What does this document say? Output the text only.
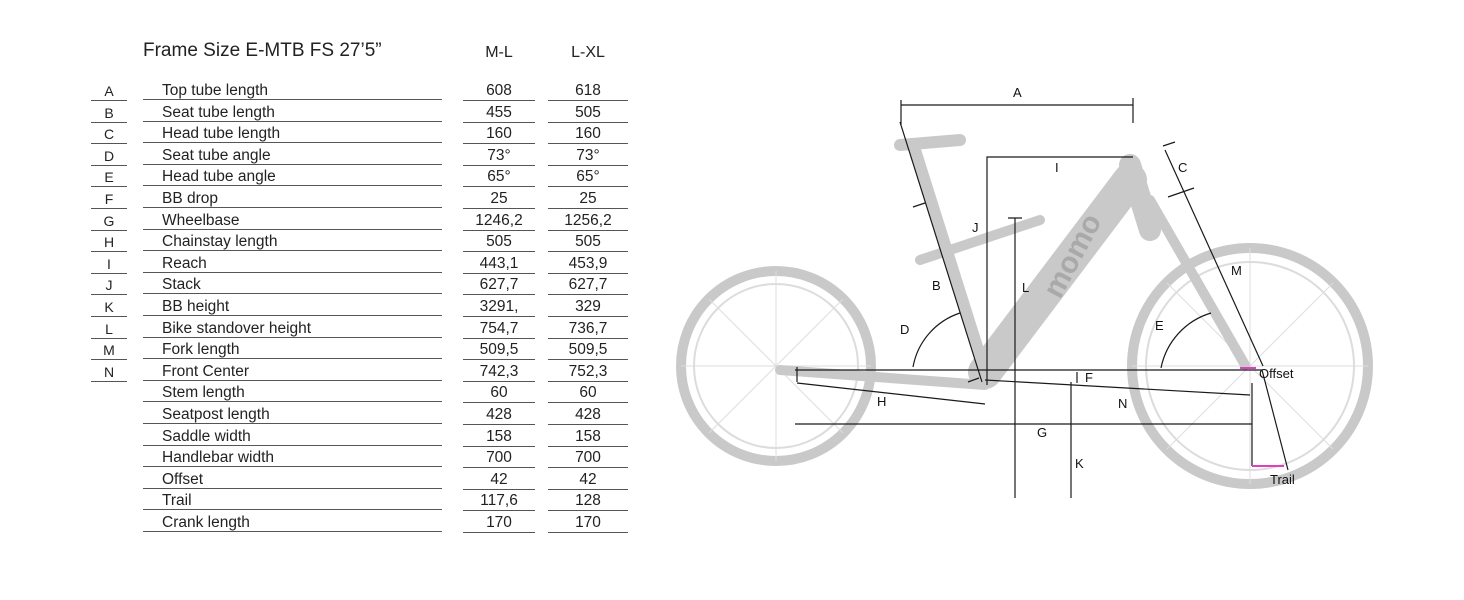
Frame Size E-MTB FS 27’5”	M-L	L-XL
A	Top tube length	608	618
B	Seat tube length	455	505
C	Head tube length	160	160
D	Seat tube angle	73°	73°
E	Head tube angle	65°	65°
F	BB drop	25	25
G	Wheelbase	1246,2	1256,2
H	Chainstay length	505	505
I	Reach	443,1	453,9
J	Stack	627,7	627,7
K	BB height	3291,	329
L	Bike standover height	754,7	736,7
M	Fork length	509,5	509,5
N	Front Center	742,3	752,3
Stem length	60	60
Seatpost length	428	428
Saddle width	158	158
Handlebar width	700	700
Offset	42	42
Trail	117,6	128
Crank length	170	170
momo
A
I	C
J
M
B	L
D	E
F
H	N
G
K
Offset
Trail
